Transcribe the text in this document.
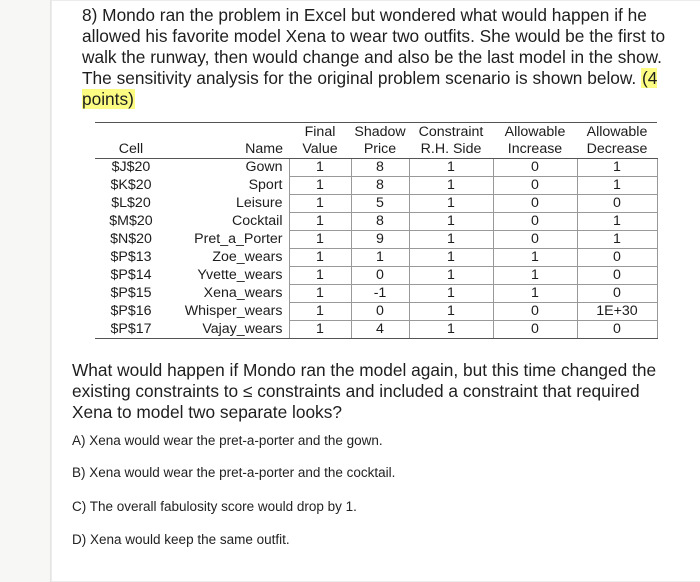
8) Mondo ran the problem in Excel but wondered what would happen if he allowed his favorite model Xena to wear two outfits. She would be the first to walk the runway, then would change and also be the last model in the show. The sensitivity analysis for the original problem scenario is shown below. (4 points)
		Final	Shadow	Constraint	Allowable	Allowable
Cell	Name	Value	Price	R.H. Side	Increase	Decrease
$J$20	Gown	1	8	1	0	1
$K$20	Sport	1	8	1	0	1
$L$20	Leisure	1	5	1	0	0
$M$20	Cocktail	1	8	1	0	1
$N$20	Pret_a_Porter	1	9	1	0	1
$P$13	Zoe_wears	1	1	1	1	0
$P$14	Yvette_wears	1	0	1	1	0
$P$15	Xena_wears	1	-1	1	1	0
$P$16	Whisper_wears	1	0	1	0	1E+30
$P$17	Vajay_wears	1	4	1	0	0
What would happen if Mondo ran the model again, but this time changed the existing constraints to ≤ constraints and included a constraint that required Xena to model two separate looks?
A) Xena would wear the pret-a-porter and the gown.
B) Xena would wear the pret-a-porter and the cocktail.
C) The overall fabulosity score would drop by 1.
D) Xena would keep the same outfit.
